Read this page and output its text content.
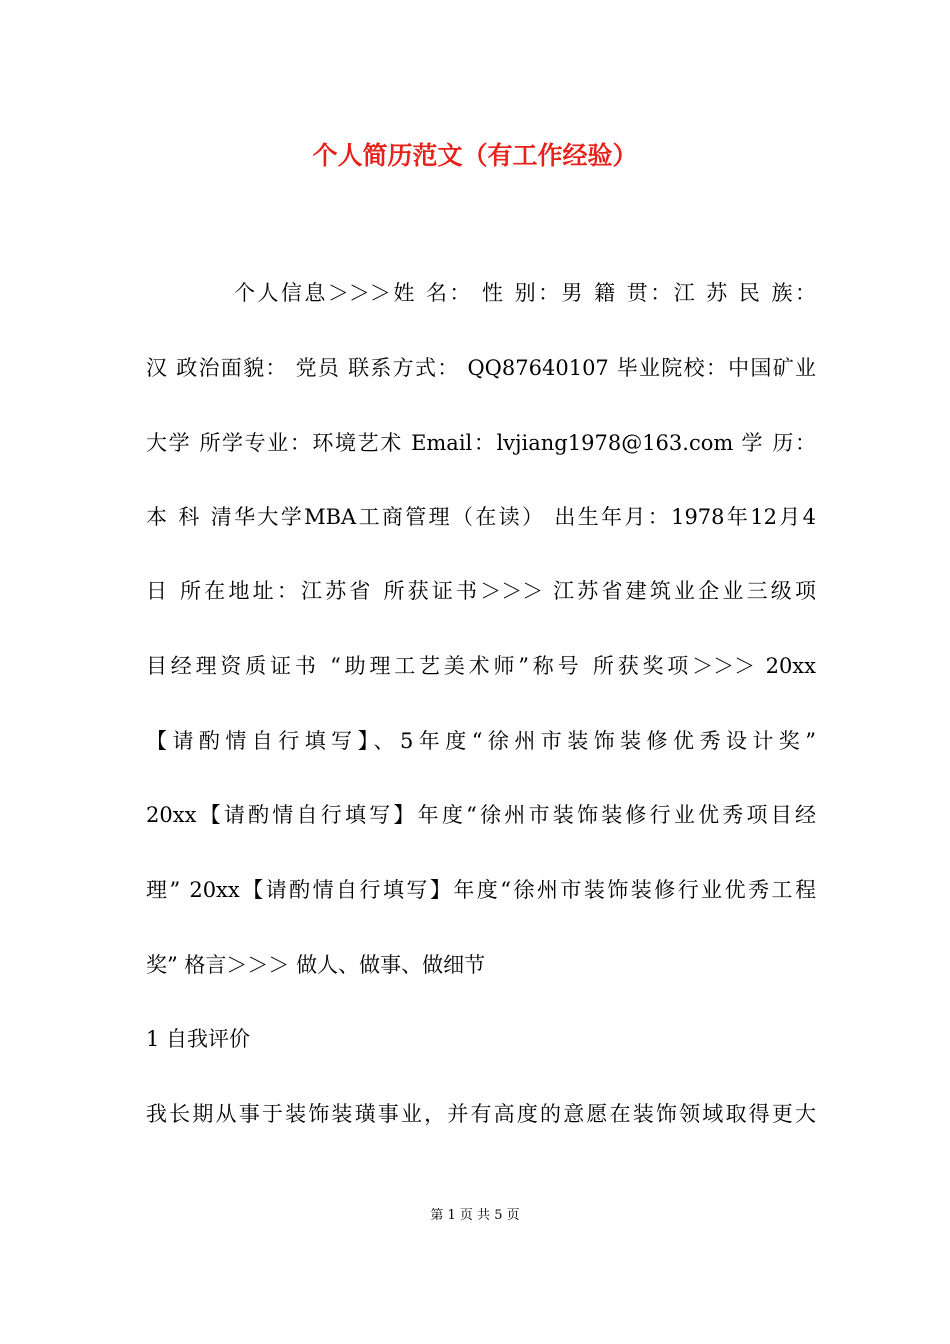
个人简历范文（有工作经验）
个人信息＞＞＞姓 名： 性 别：男 籍 贯：江 苏 民 族：
汉 政治面貌： 党员 联系方式： QQ87640107 毕业院校：中国矿业
大学 所学专业：环境艺术 Email：lvjiang1978@163.com 学 历：
本 科 清华大学MBA工商管理（在读） 出生年月：1978年12月4
日 所在地址：江苏省 所获证书＞＞＞ 江苏省建筑业企业三级项
目经理资质证书 “助理工艺美术师”称号 所获奖项＞＞＞ 20xx
【请酌情自行填写】、5年度“徐州市装饰装修优秀设计奖”
20xx【请酌情自行填写】年度“徐州市装饰装修行业优秀项目经
理” 20xx【请酌情自行填写】年度“徐州市装饰装修行业优秀工程
奖” 格言＞＞＞ 做人、做事、做细节
1 自我评价
我长期从事于装饰装璜事业，并有高度的意愿在装饰领域取得更大
第 1 页 共 5 页
